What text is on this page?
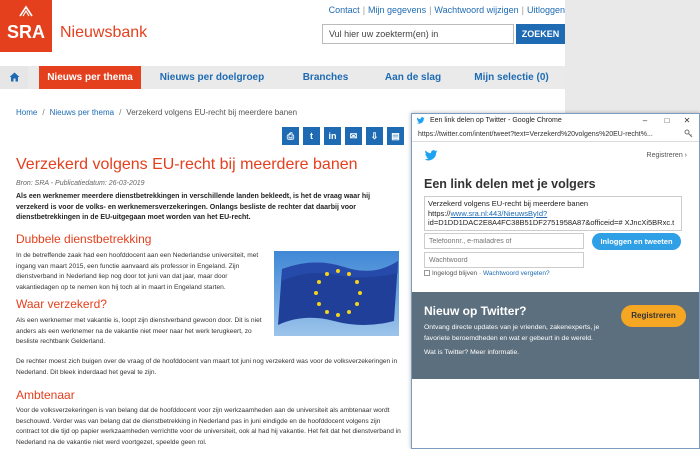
SRA Nieuwsbank
Contact | Mijn gegevens | Wachtwoord wijzigen | Uitloggen
Vul hier uw zoekterm(en) in
ZOEKEN
Nieuws per thema	Nieuws per doelgroep	Branches	Aan de slag	Mijn selectie (0)
Home / Nieuws per thema / Verzekerd volgens EU-recht bij meerdere banen
⎙	t	in	✉	⇩	▤
Verzekerd volgens EU-recht bij meerdere banen
Bron: SRA - Publicatiedatum: 26-03-2019
Als een werknemer meerdere dienstbetrekkingen in verschillende landen bekleedt, is het de vraag waar hij verzekerd is voor de volks- en werknemersverzekeringen. Onlangs besliste de rechter dat daarbij voor dienstbetrekkingen in de EU-uitgegaan moet worden van het EU-recht.
Dubbele dienstbetrekking
In de betreffende zaak had een hoofddocent aan een Nederlandse universiteit, met ingang van maart 2015, een functie aanvaard als professor in Engeland. Zijn dienstverband in Nederland liep nog door tot juni van dat jaar, maar door vakantiedagen op te nemen kon hij toch al in maart in Engeland starten.
Waar verzekerd?
Als een werknemer met vakantie is, loopt zijn dienstverband gewoon door. Dit is niet anders als een werknemer na de vakantie niet meer naar het werk terugkeert, zo besliste rechtbank Gelderland.
De rechter moest zich buigen over de vraag of de hoofddocent van maart tot juni nog verzekerd was voor de volksverzekeringen in Nederland. Dit bleek inderdaad het geval te zijn.
Ambtenaar
Voor de volksverzekeringen is van belang dat de hoofddocent voor zijn werkzaamheden aan de universiteit als ambtenaar wordt beschouwd. Verder was van belang dat de dienstbetrekking in Nederland pas in juni eindigde en de hoofddocent volgens zijn contract tot die tijd op papier werkzaamheden verrichtte voor de universiteit, ook al had hij vakantie. Het feit dat het dienstverband in Nederland na de vakantie niet werd voortgezet, speelde geen rol.
Een link delen op Twitter - Google Chrome	–	□	✕
https://twitter.com/intent/tweet?text=Verzekerd%20volgens%20EU-recht%...
Registreren ›
Een link delen met je volgers
Verzekerd volgens EU-recht bij meerdere banen
https://www.sra.nl:443/NieuwsById?
id=D1DD1DAC2E8A4FC38B51DF2751958A87&officeid=# XJncXi5BRxc.t
Telefoonnr., e-mailadres of
Inloggen en tweeten
Wachtwoord
Ingelogd blijven · Wachtwoord vergeten?
Nieuw op Twitter?

Ontvang directe updates van je vrienden, zakenexperts, je favoriete beroemdheden en wat er gebeurt in de wereld.

Wat is Twitter? Meer informatie.
Registreren
